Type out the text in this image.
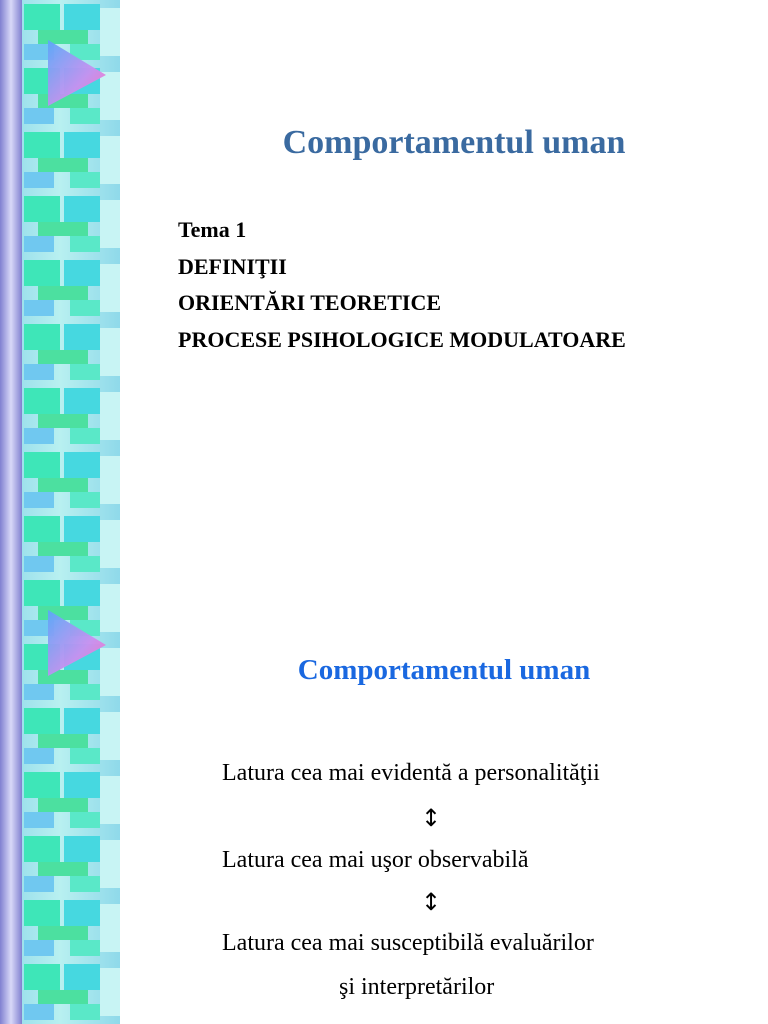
Comportamentul uman
Tema 1
DEFINIŢII
ORIENTĂRI TEORETICE
PROCESE PSIHOLOGICE MODULATOARE
Comportamentul uman
Latura cea mai evidentă a personalităţii
↕
Latura cea mai uşor observabilă
↕
Latura cea mai susceptibilă evaluărilor
şi interpretărilor
